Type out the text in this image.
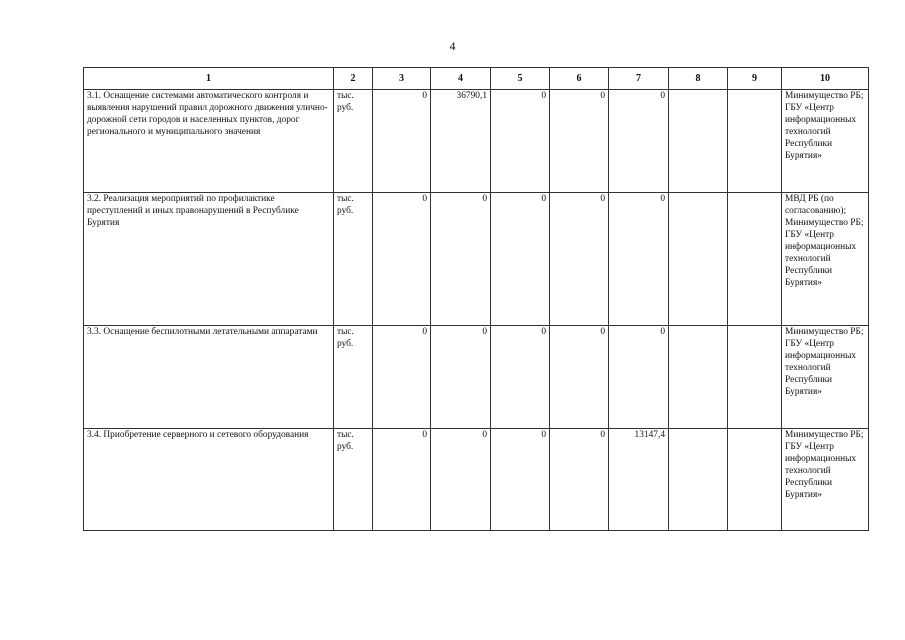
4
1	2	3	4	5	6	7	8	9	10
3.1. Оснащение системами автоматического контроля и выявления нарушений правил дорожного движения улично-дорожной сети городов и населенных пунктов, дорог регионального и муниципального значения	тыс. руб.	0	36790,1	0	0	0			Минимущество РБ;
ГБУ «Центр информационных технологий Республики Бурятия»
3.2. Реализация мероприятий по профилактике преступлений и иных правонарушений в Республике Бурятия	тыс. руб.	0	0	0	0	0			МВД РБ (по согласованию);
Минимущество РБ;
ГБУ «Центр информационных технологий Республики Бурятия»
3.3. Оснащение беспилотными летательными аппаратами	тыс. руб.	0	0	0	0	0			Минимущество РБ;
ГБУ «Центр информационных технологий Республики Бурятия»
3.4. Приобретение серверного и сетевого оборудования	тыс. руб.	0	0	0	0	13147,4			Минимущество РБ;
ГБУ «Центр информационных технологий Республики Бурятия»
